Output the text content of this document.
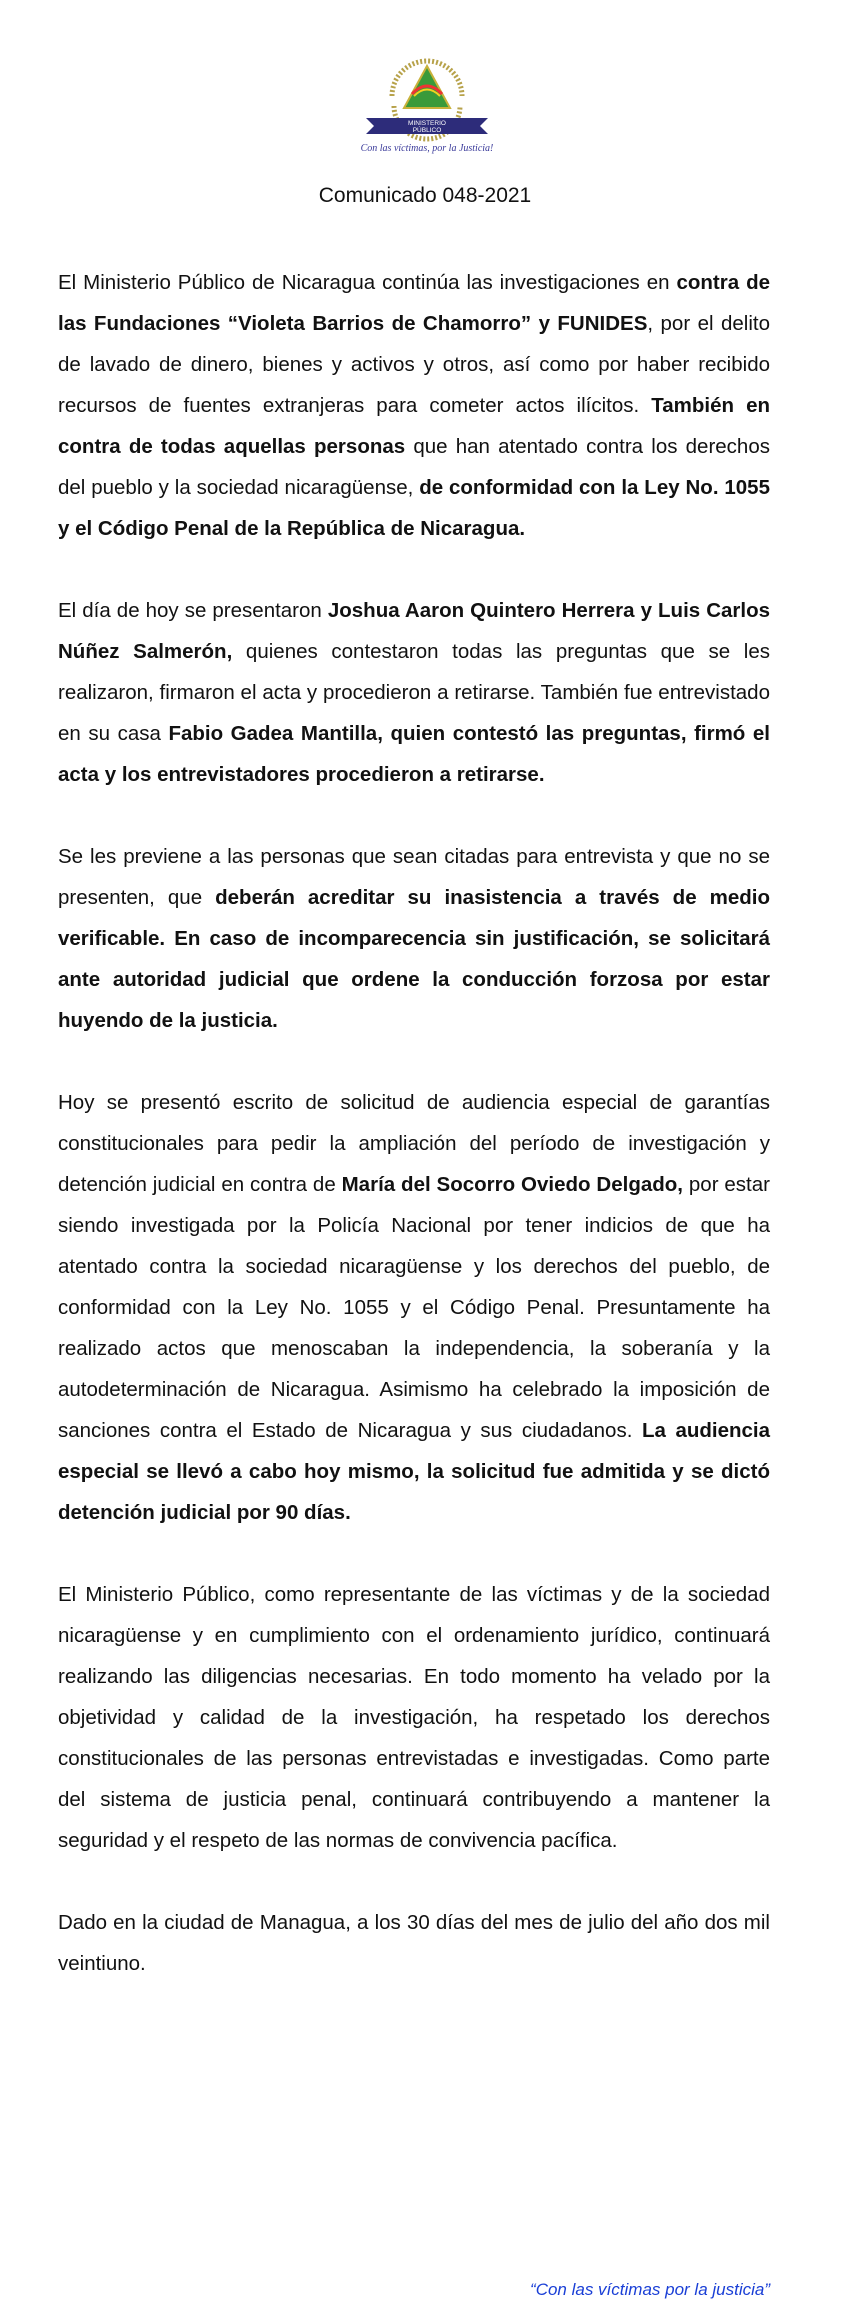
MINISTERIO
PÚBLICO
Con las víctimas, por la Justicia!
Comunicado 048-2021

El Ministerio Público de Nicaragua continúa las investigaciones en contra de las Fundaciones “Violeta Barrios de Chamorro” y FUNIDES, por el delito de lavado de dinero, bienes y activos y otros, así como por haber recibido recursos de fuentes extranjeras para cometer actos ilícitos. También en contra de todas aquellas personas que han atentado contra los derechos del pueblo y la sociedad nicaragüense, de conformidad con la Ley No. 1055 y el Código Penal de la República de Nicaragua.

El día de hoy se presentaron Joshua Aaron Quintero Herrera y Luis Carlos Núñez Salmerón, quienes contestaron todas las preguntas que se les realizaron, firmaron el acta y procedieron a retirarse. También fue entrevistado en su casa Fabio Gadea Mantilla, quien contestó las preguntas, firmó el acta y los entrevistadores procedieron a retirarse.

Se les previene a las personas que sean citadas para entrevista y que no se presenten, que deberán acreditar su inasistencia a través de medio verificable. En caso de incomparecencia sin justificación, se solicitará ante autoridad judicial que ordene la conducción forzosa por estar huyendo de la justicia.

Hoy se presentó escrito de solicitud de audiencia especial de garantías constitucionales para pedir la ampliación del período de investigación y detención judicial en contra de María del Socorro Oviedo Delgado, por estar siendo investigada por la Policía Nacional por tener indicios de que ha atentado contra la sociedad nicaragüense y los derechos del pueblo, de conformidad con la Ley No. 1055 y el Código Penal. Presuntamente ha realizado actos que menoscaban la independencia, la soberanía y la autodeterminación de Nicaragua. Asimismo ha celebrado la imposición de sanciones contra el Estado de Nicaragua y sus ciudadanos. La audiencia especial se llevó a cabo hoy mismo, la solicitud fue admitida y se dictó detención judicial por 90 días.

El Ministerio Público, como representante de las víctimas y de la sociedad nicaragüense y en cumplimiento con el ordenamiento jurídico, continuará realizando las diligencias necesarias. En todo momento ha velado por la objetividad y calidad de la investigación, ha respetado los derechos constitucionales de las personas entrevistadas e investigadas. Como parte del sistema de justicia penal, continuará contribuyendo a mantener la seguridad y el respeto de las normas de convivencia pacífica.

Dado en la ciudad de Managua, a los 30 días del mes de julio del año dos mil veintiuno.

“Con las víctimas por la justicia”
